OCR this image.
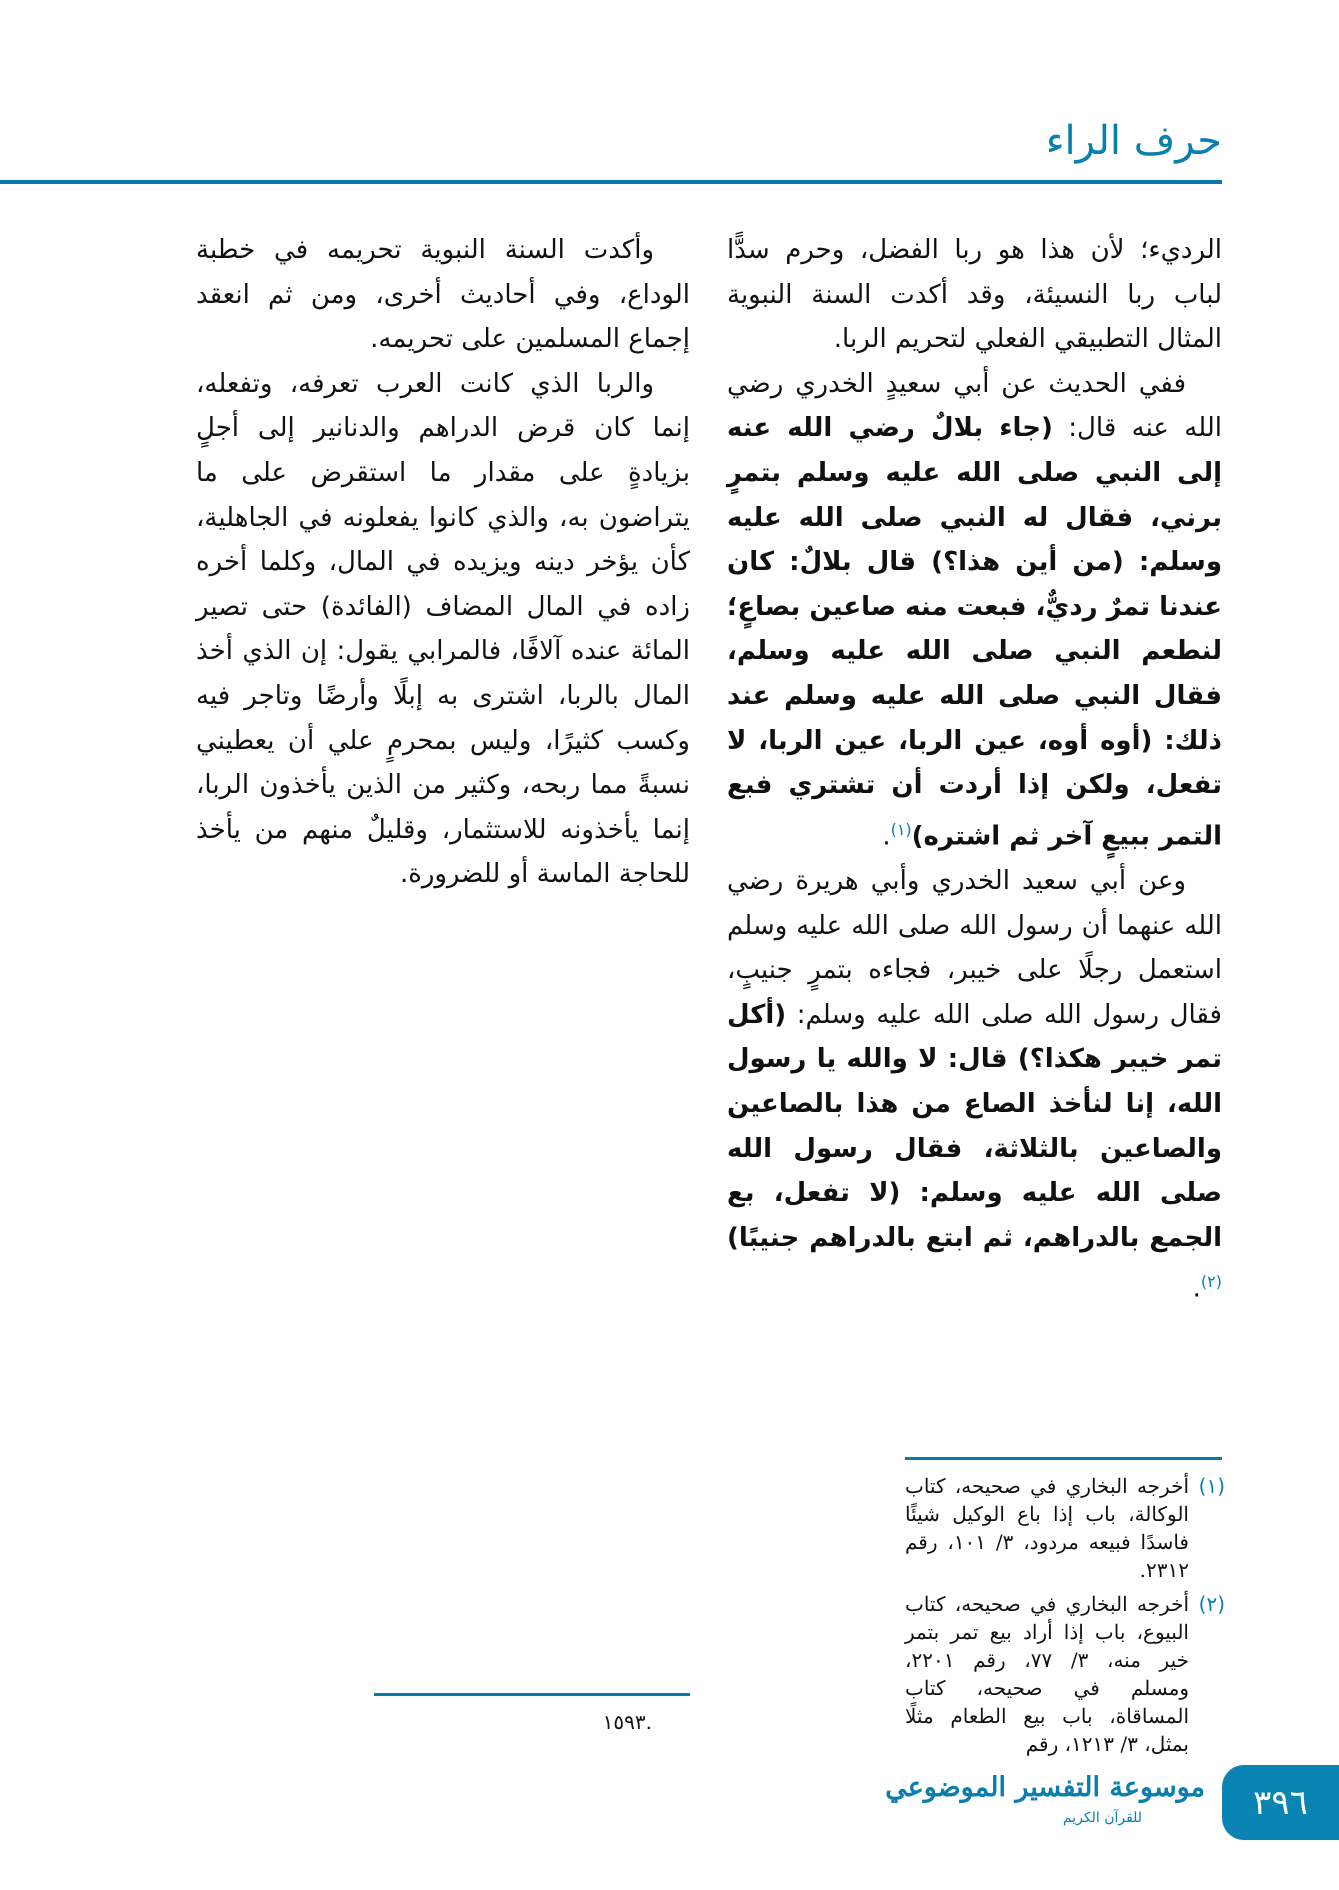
حرف الراء

الرديء؛ لأن هذا هو ربا الفضل، وحرم سدًّا لباب ربا النسيئة، وقد أكدت السنة النبوية المثال التطبيقي الفعلي لتحريم الربا.

ففي الحديث عن أبي سعيدٍ الخدري رضي الله عنه قال: (جاء بلالٌ رضي الله عنه إلى النبي صلى الله عليه وسلم بتمرٍ برني، فقال له النبي صلى الله عليه وسلم: (من أين هذا؟) قال بلالٌ: كان عندنا تمرٌ رديٌّ، فبعت منه صاعين بصاعٍ؛ لنطعم النبي صلى الله عليه وسلم، فقال النبي صلى الله عليه وسلم عند ذلك: (أوه أوه، عين الربا، عين الربا، لا تفعل، ولكن إذا أردت أن تشتري فبع التمر ببيعٍ آخر ثم اشتره)$^{(١)}$.

وعن أبي سعيد الخدري وأبي هريرة رضي الله عنهما أن رسول الله صلى الله عليه وسلم استعمل رجلًا على خيبر، فجاءه بتمرٍ جنيبٍ، فقال رسول الله صلى الله عليه وسلم: (أكل تمر خيبر هكذا؟) قال: لا والله يا رسول الله، إنا لنأخذ الصاع من هذا بالصاعين والصاعين بالثلاثة، فقال رسول الله صلى الله عليه وسلم: (لا تفعل، بع الجمع بالدراهم، ثم ابتع بالدراهم جنيبًا)$^{(٢)}$.

وأكدت السنة النبوية تحريمه في خطبة الوداع، وفي أحاديث أخرى، ومن ثم انعقد إجماع المسلمين على تحريمه.

والربا الذي كانت العرب تعرفه، وتفعله، إنما كان قرض الدراهم والدنانير إلى أجلٍ بزيادةٍ على مقدار ما استقرض على ما يتراضون به، والذي كانوا يفعلونه في الجاهلية، كأن يؤخر دينه ويزيده في المال، وكلما أخره زاده في المال المضاف (الفائدة) حتى تصير المائة عنده آلافًا، فالمرابي يقول: إن الذي أخذ المال بالربا، اشترى به إبلًا وأرضًا وتاجر فيه وكسب كثيرًا، وليس بمحرمٍ علي أن يعطيني نسبةً مما ربحه، وكثير من الذين يأخذون الربا، إنما يأخذونه للاستثمار، وقليلٌ منهم من يأخذ للحاجة الماسة أو للضرورة.

(١)
أخرجه البخاري في صحيحه، كتاب الوكالة، باب إذا باع الوكيل شيئًا فاسدًا فبيعه مردود، ٣/ ١٠١، رقم ٢٣١٢.
(٢)
أخرجه البخاري في صحيحه، كتاب البيوع، باب إذا أراد بيع تمر بتمر خير منه، ٣/ ٧٧، رقم ٢٢٠١، ومسلم في صحيحه، كتاب المساقاة، باب بيع الطعام مثلًا بمثل، ٣/ ١٢١٣، رقم

.١٥٩٣

موسوعة التفسير الموضوعي
للقرآن الكريم	٣٩٦
